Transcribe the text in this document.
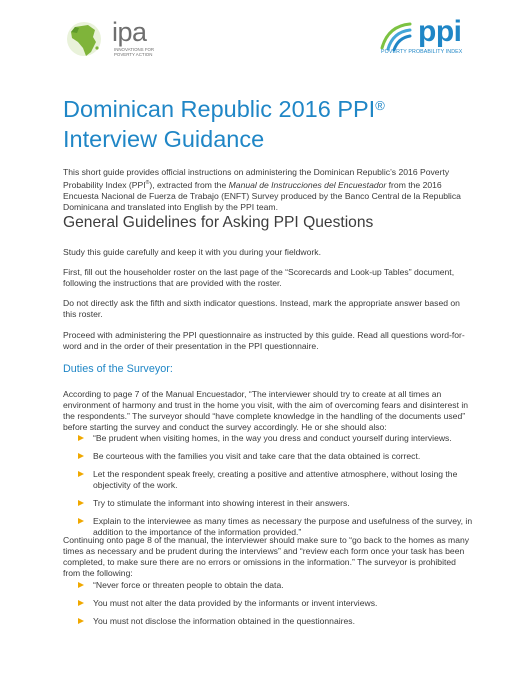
ipa
INNOVATIONS FOR POVERTY ACTION
ppi
POVERTY PROBABILITY INDEX
Dominican Republic 2016 PPI®
Interview Guidance

This short guide provides official instructions on administering the Dominican Republic’s 2016 Poverty Probability Index (PPI®), extracted from the Manual de Instrucciones del Encuestador from the 2016 Encuesta Nacional de Fuerza de Trabajo (ENFT) Survey produced by the Banco Central de la Republica Dominicana and translated into English by the PPI team.

General Guidelines for Asking PPI Questions

Study this guide carefully and keep it with you during your fieldwork.

First, fill out the householder roster on the last page of the “Scorecards and Look-up Tables” document, following the instructions that are provided with the roster.

Do not directly ask the fifth and sixth indicator questions. Instead, mark the appropriate answer based on this roster.

Proceed with administering the PPI questionnaire as instructed by this guide. Read all questions word-for-word and in the order of their presentation in the PPI questionnaire.

Duties of the Surveyor:

According to page 7 of the Manual Encuestador, “The interviewer should try to create at all times an environment of harmony and trust in the home you visit, with the aim of overcoming fears and disinterest in the respondents.” The surveyor should “have complete knowledge in the handling of the documents used” before starting the survey and conduct the survey accordingly. He or she should also:

“Be prudent when visiting homes, in the way you dress and conduct yourself during interviews.
Be courteous with the families you visit and take care that the data obtained is correct.
Let the respondent speak freely, creating a positive and attentive atmosphere, without losing the objectivity of the work.
Try to stimulate the informant into showing interest in their answers.
Explain to the interviewee as many times as necessary the purpose and usefulness of the survey, in addition to the importance of the information provided.”

Continuing onto page 8 of the manual, the interviewer should make sure to “go back to the homes as many times as necessary and be prudent during the interviews” and “review each form once your task has been completed, to make sure there are no errors or omissions in the information.” The surveyor is prohibited from the following:

“Never force or threaten people to obtain the data.
You must not alter the data provided by the informants or invent interviews.
You must not disclose the information obtained in the questionnaires.
